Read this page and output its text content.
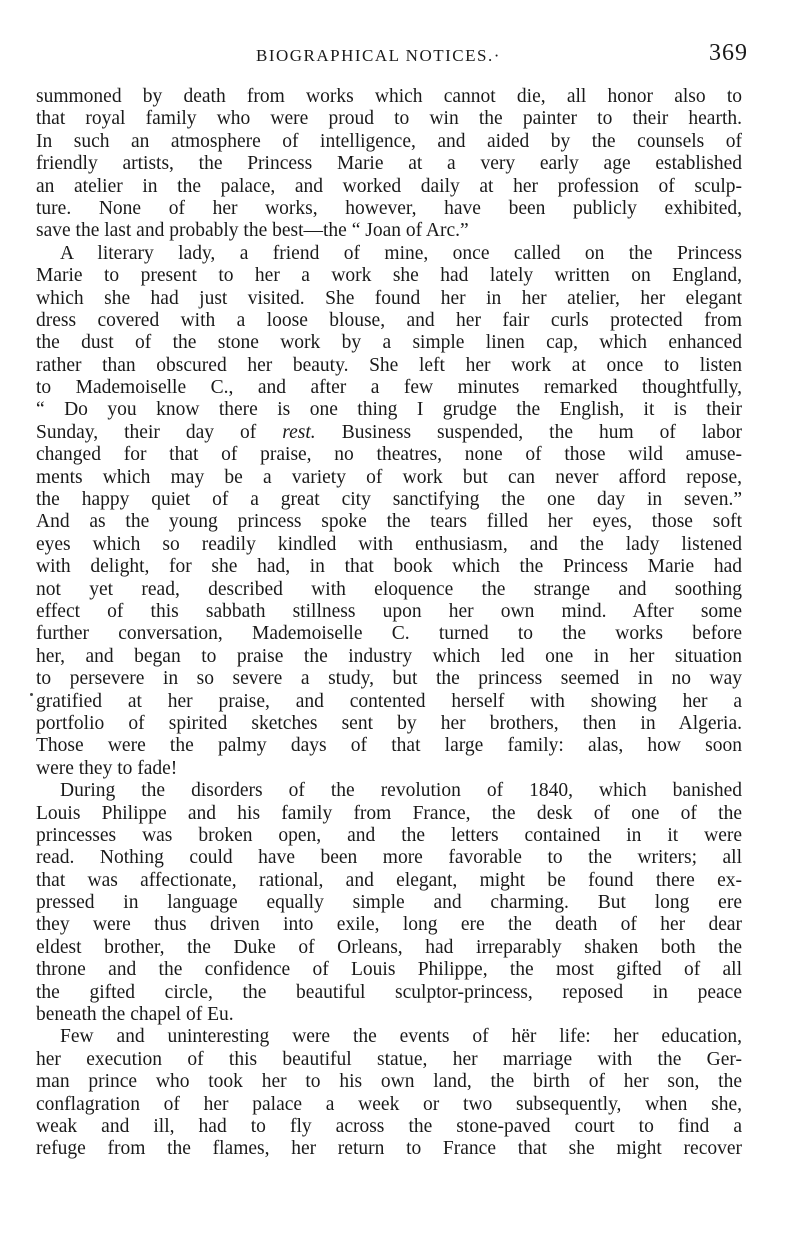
BIOGRAPHICAL NOTICES.·	369
summoned by death from works which cannot die, all honor also to
that royal family who were proud to win the painter to their hearth.
In such an atmosphere of intelligence, and aided by the counsels of
friendly artists, the Princess Marie at a very early age established
an atelier in the palace, and worked daily at her profession of sculp-
ture. None of her works, however, have been publicly exhibited,
save the last and probably the best—the “ Joan of Arc.”
A literary lady, a friend of mine, once called on the Princess
Marie to present to her a work she had lately written on England,
which she had just visited. She found her in her atelier, her elegant
dress covered with a loose blouse, and her fair curls protected from
the dust of the stone work by a simple linen cap, which enhanced
rather than obscured her beauty. She left her work at once to listen
to Mademoiselle C., and after a few minutes remarked thoughtfully,
“ Do you know there is one thing I grudge the English, it is their
Sunday, their day of rest. Business suspended, the hum of labor
changed for that of praise, no theatres, none of those wild amuse-
ments which may be a variety of work but can never afford repose,
the happy quiet of a great city sanctifying the one day in seven.”
And as the young princess spoke the tears filled her eyes, those soft
eyes which so readily kindled with enthusiasm, and the lady listened
with delight, for she had, in that book which the Princess Marie had
not yet read, described with eloquence the strange and soothing
effect of this sabbath stillness upon her own mind. After some
further conversation, Mademoiselle C. turned to the works before
her, and began to praise the industry which led one in her situation
to persevere in so severe a study, but the princess seemed in no way
gratified at her praise, and contented herself with showing her a
portfolio of spirited sketches sent by her brothers, then in Algeria.
Those were the palmy days of that large family: alas, how soon
were they to fade!
During the disorders of the revolution of 1840, which banished
Louis Philippe and his family from France, the desk of one of the
princesses was broken open, and the letters contained in it were
read. Nothing could have been more favorable to the writers; all
that was affectionate, rational, and elegant, might be found there ex-
pressed in language equally simple and charming. But long ere
they were thus driven into exile, long ere the death of her dear
eldest brother, the Duke of Orleans, had irreparably shaken both the
throne and the confidence of Louis Philippe, the most gifted of all
the gifted circle, the beautiful sculptor-princess, reposed in peace
beneath the chapel of Eu.
Few and uninteresting were the events of hër life: her education,
her execution of this beautiful statue, her marriage with the Ger-
man prince who took her to his own land, the birth of her son, the
conflagration of her palace a week or two subsequently, when she,
weak and ill, had to fly across the stone-paved court to find a
refuge from the flames, her return to France that she might recover
